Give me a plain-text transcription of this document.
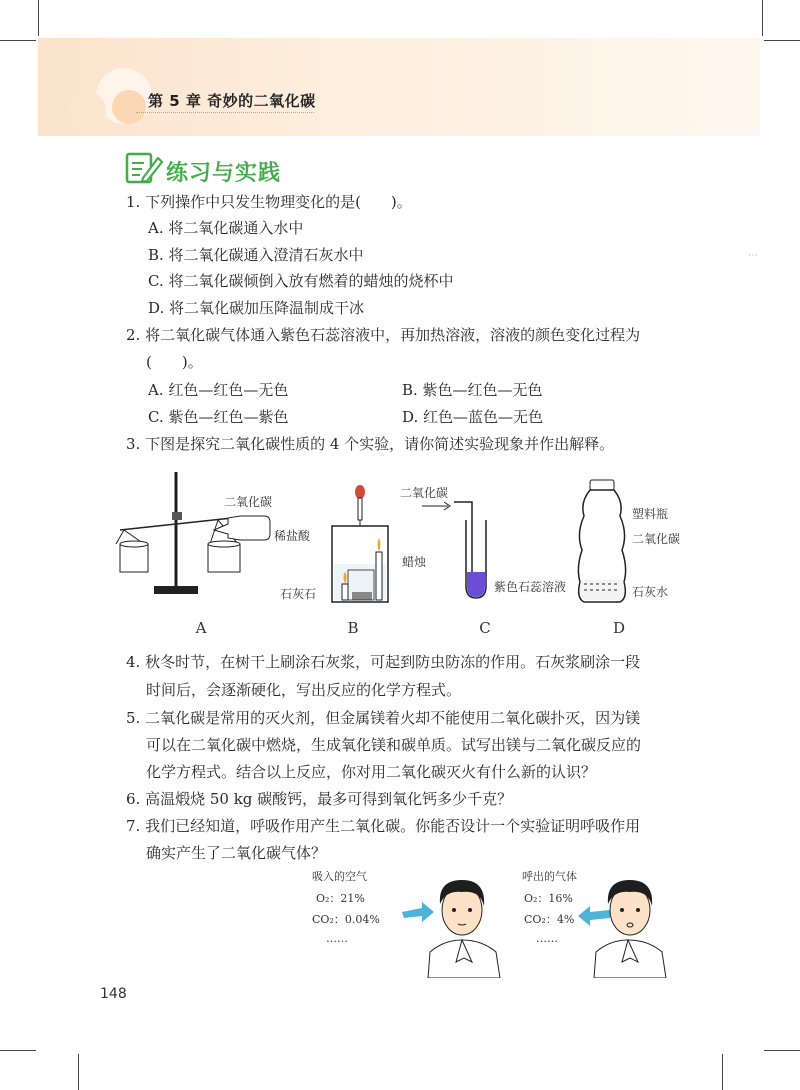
第 5 章 奇妙的二氧化碳
练习与实践
1. 下列操作中只发生物理变化的是(　　)。
A. 将二氧化碳通入水中
B. 将二氧化碳通入澄清石灰水中
C. 将二氧化碳倾倒入放有燃着的蜡烛的烧杯中
D. 将二氧化碳加压降温制成干冰
2. 将二氧化碳气体通入紫色石蕊溶液中，再加热溶液，溶液的颜色变化过程为
(　　)。
A. 红色—红色—无色	B. 紫色—红色—无色
C. 紫色—红色—紫色	D. 红色—蓝色—无色
3. 下图是探究二氧化碳性质的 4 个实验，请你简述实验现象并作出解释。
二氧化碳
稀盐酸
蜡烛
石灰石
二氧化碳
紫色石蕊溶液
塑料瓶
二氧化碳
石灰水
A	B	C	D
4. 秋冬时节，在树干上刷涂石灰浆，可起到防虫防冻的作用。石灰浆刷涂一段
时间后，会逐渐硬化，写出反应的化学方程式。
5. 二氧化碳是常用的灭火剂，但金属镁着火却不能使用二氧化碳扑灭，因为镁
可以在二氧化碳中燃烧，生成氧化镁和碳单质。试写出镁与二氧化碳反应的
化学方程式。结合以上反应，你对用二氧化碳灭火有什么新的认识？
6. 高温煅烧 50 kg 碳酸钙，最多可得到氧化钙多少千克？
7. 我们已经知道，呼吸作用产生二氧化碳。你能否设计一个实验证明呼吸作用
确实产生了二氧化碳气体？
吸入的空气
O₂：21%
CO₂：0.04%
……
呼出的气体
O₂：16%
CO₂：4%
……
⋯
148
